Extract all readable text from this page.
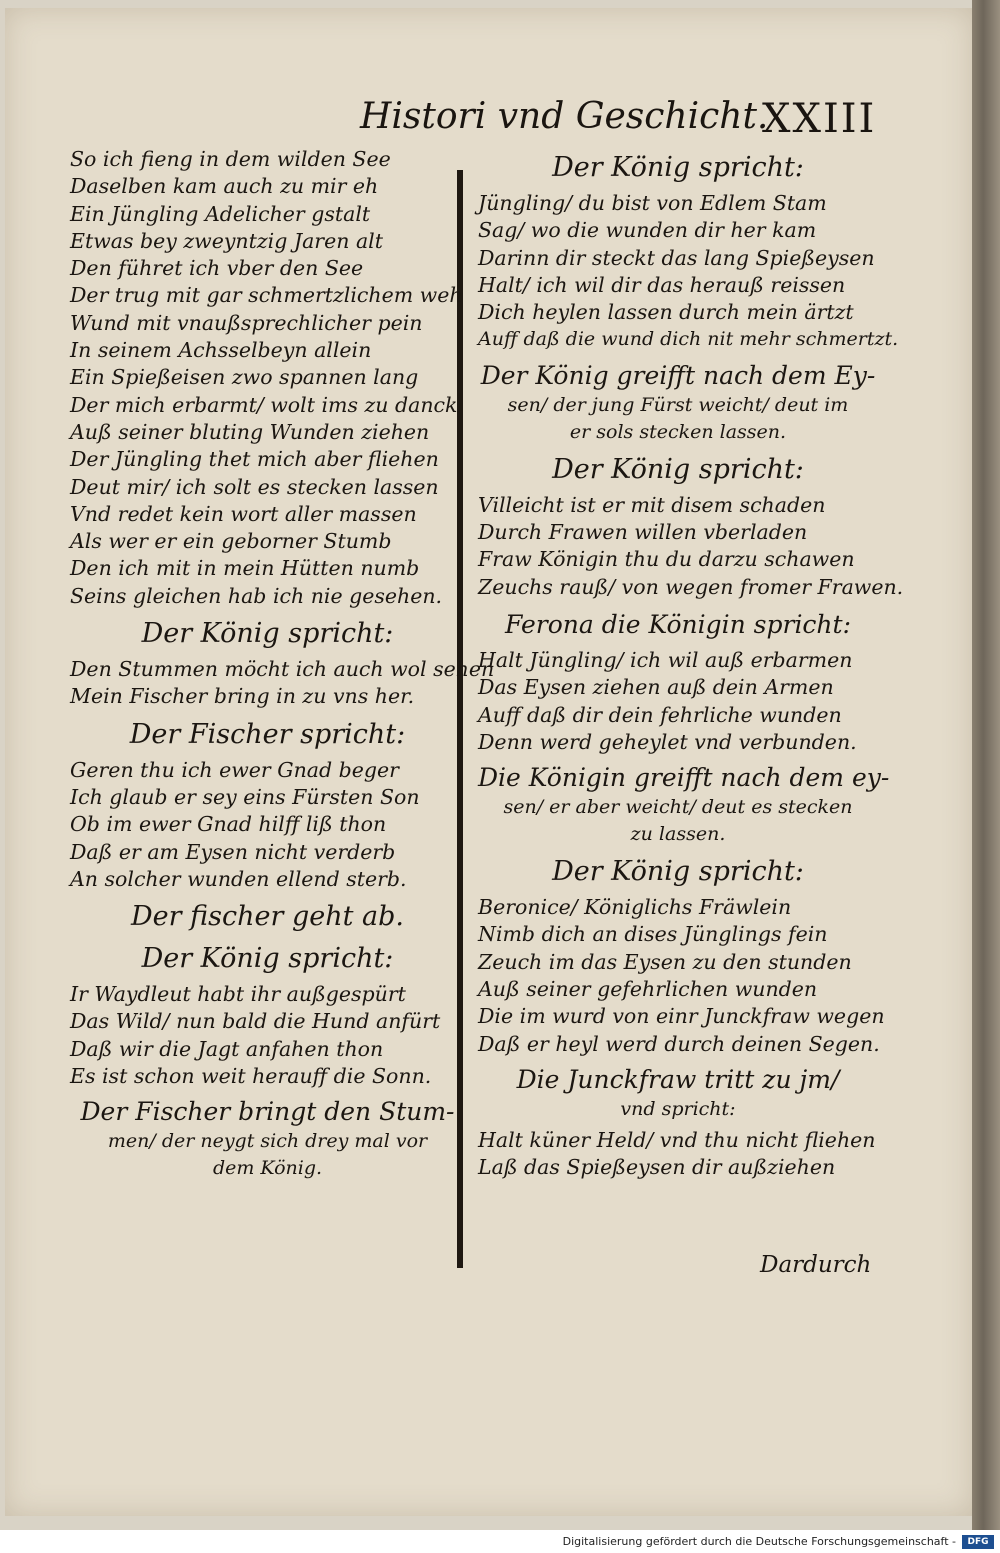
Histori vnd Geschicht.
XXIII

So ich fieng in dem wilden See

Daselben kam auch zu mir eh

Ein Jüngling Adelicher gstalt

Etwas bey zweyntzig Jaren alt

Den führet ich vber den See

Der trug mit gar schmertzlichem weh

Wund mit vnaußsprechlicher pein

In seinem Achsselbeyn allein

Ein Spießeisen zwo spannen lang

Der mich erbarmt/ wolt ims zu danck

Auß seiner bluting Wunden ziehen

Der Jüngling thet mich aber fliehen

Deut mir/ ich solt es stecken lassen

Vnd redet kein wort aller massen

Als wer er ein geborner Stumb

Den ich mit in mein Hütten numb

Seins gleichen hab ich nie gesehen.

Der König spricht:

Den Stummen möcht ich auch wol sehen

Mein Fischer bring in zu vns her.

Der Fischer spricht:

Geren thu ich ewer Gnad beger

Ich glaub er sey eins Fürsten Son

Ob im ewer Gnad hilff liß thon

Daß er am Eysen nicht verderb

An solcher wunden ellend sterb.

Der fischer geht ab.
Der König spricht:

Ir Waydleut habt ihr außgespürt

Das Wild/ nun bald die Hund anfürt

Daß wir die Jagt anfahen thon

Es ist schon weit herauff die Sonn.

Der Fischer bringt den Stum-
men/ der neygt sich drey mal vor
dem König.
Der König spricht:

Jüngling/ du bist von Edlem Stam

Sag/ wo die wunden dir her kam

Darinn dir steckt das lang Spießeysen

Halt/ ich wil dir das herauß reissen

Dich heylen lassen durch mein ärtzt

Auff daß die wund dich nit mehr schmertzt.

Der König greifft nach dem Ey-
sen/ der jung Fürst weicht/ deut im
er sols stecken lassen.
Der König spricht:

Villeicht ist er mit disem schaden

Durch Frawen willen vberladen

Fraw Königin thu du darzu schawen

Zeuchs rauß/ von wegen fromer Frawen.

Ferona die Königin spricht:

Halt Jüngling/ ich wil auß erbarmen

Das Eysen ziehen auß dein Armen

Auff daß dir dein fehrliche wunden

Denn werd geheylet vnd verbunden.

Die Königin greifft nach dem ey-
sen/ er aber weicht/ deut es stecken
zu lassen.
Der König spricht:

Beronice/ Königlichs Fräwlein

Nimb dich an dises Jünglings fein

Zeuch im das Eysen zu den stunden

Auß seiner gefehrlichen wunden

Die im wurd von einr Junckfraw wegen

Daß er heyl werd durch deinen Segen.

Die Junckfraw tritt zu jm/
vnd spricht:

Halt küner Held/ vnd thu nicht fliehen

Laß das Spießeysen dir außziehen

Dardurch
Digitalisierung gefördert durch die Deutsche Forschungsgemeinschaft -	DFG
